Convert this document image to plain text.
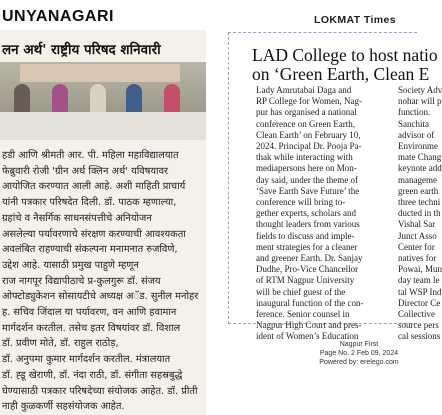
UNYANAGARI
लन अर्थ' राष्ट्रीय परिषद शनिवारी
हडी आणि श्रीमती आर. पी. महिला महाविद्यालयात
फेब्रुवारी रोजी 'ग्रीन अर्थ क्लिन अर्थ' यविषयावर
आयोजित करण्यात आली आहे. अशी माहिती प्राचार्य
यांनी पत्रकार परिषदेत दिली. डॉ. पाठक म्हणाल्या,
ग्रहांचे व नैसर्गिक साधनसंपत्तीचे अनियोजन
असलेल्या पर्यावरणाचे संरक्षण करण्याची आवश्यकता
अवलंबित राहण्याची संकल्पना मनामनात रुजविणे,
उद्देश आहे. यासाठी प्रमुख पाहुणे म्हणून
राज नागपूर विद्यापीठाचे प्र-कुलगुरू डॉ. संजय
ओफ्टोड्युकेशन सोसायटीचे अध्यक्ष अॅड. सुनील मनोहर
ह. सचिव जिंदाल या पर्यावरण, वन आणि हवामान
मार्गदर्शन करतील. तसेच इतर विषयांवर डॉ. विशाल
डॉ. प्रवीण मोते, डॉ. राहुल राठोड़,
डॉ. अनुपमा कुमार मार्गदर्शन करतील. मंत्रालयात
डॉ. ह्डू खेराणी, डॉ. नंदा राठी, डॉ. संगीता सहस्रबुद्धे
घेण्यासाठी पत्रकार परिषदेच्या संयोजक आहेत. डॉ. प्रीती
नाही कुळकर्णी सहसंयोजक आहेत.
LOKMAT Times
LAD College to host natio
on ‘Green Earth, Clean E
Lady Amrutabai Daga and
RP College for Women, Nag-
pur has organised a national
conference on Green Earth,
Clean Earth’ on February 10,
2024. Principal Dr. Pooja Pa-
thak while interacting with
mediapersons here on Mon-
day said, under the theme of
‘Save Earth Save Future’ the
conference will bring to-
gether experts, scholars and
thought leaders from various
fields to discuss and imple-
ment strategies for a cleaner
and greener Earth. Dr. Sanjay
Dudhe, Pro-Vice Chancellor
of RTM Nagpur University
will be chief guest of the
inaugural function of the con-
ference. Senior counsel in
Nagpur High Court and pres-
ident of Women’s Education
Society Adv
nohar will p
function.
Sanchita
advisor of
Environme
mate Chang
keynote add
manageme
green earth
three techni
ducted in th
Vishal Sar
Junct Asso
Center for
natives for
Powai, Mun
day team le
tal WSP Ind
Director Ce
Collective
source pers
cal sessions
Nagpur First
Page No. 2 Feb 09, 2024
Powered by: erelego.com
